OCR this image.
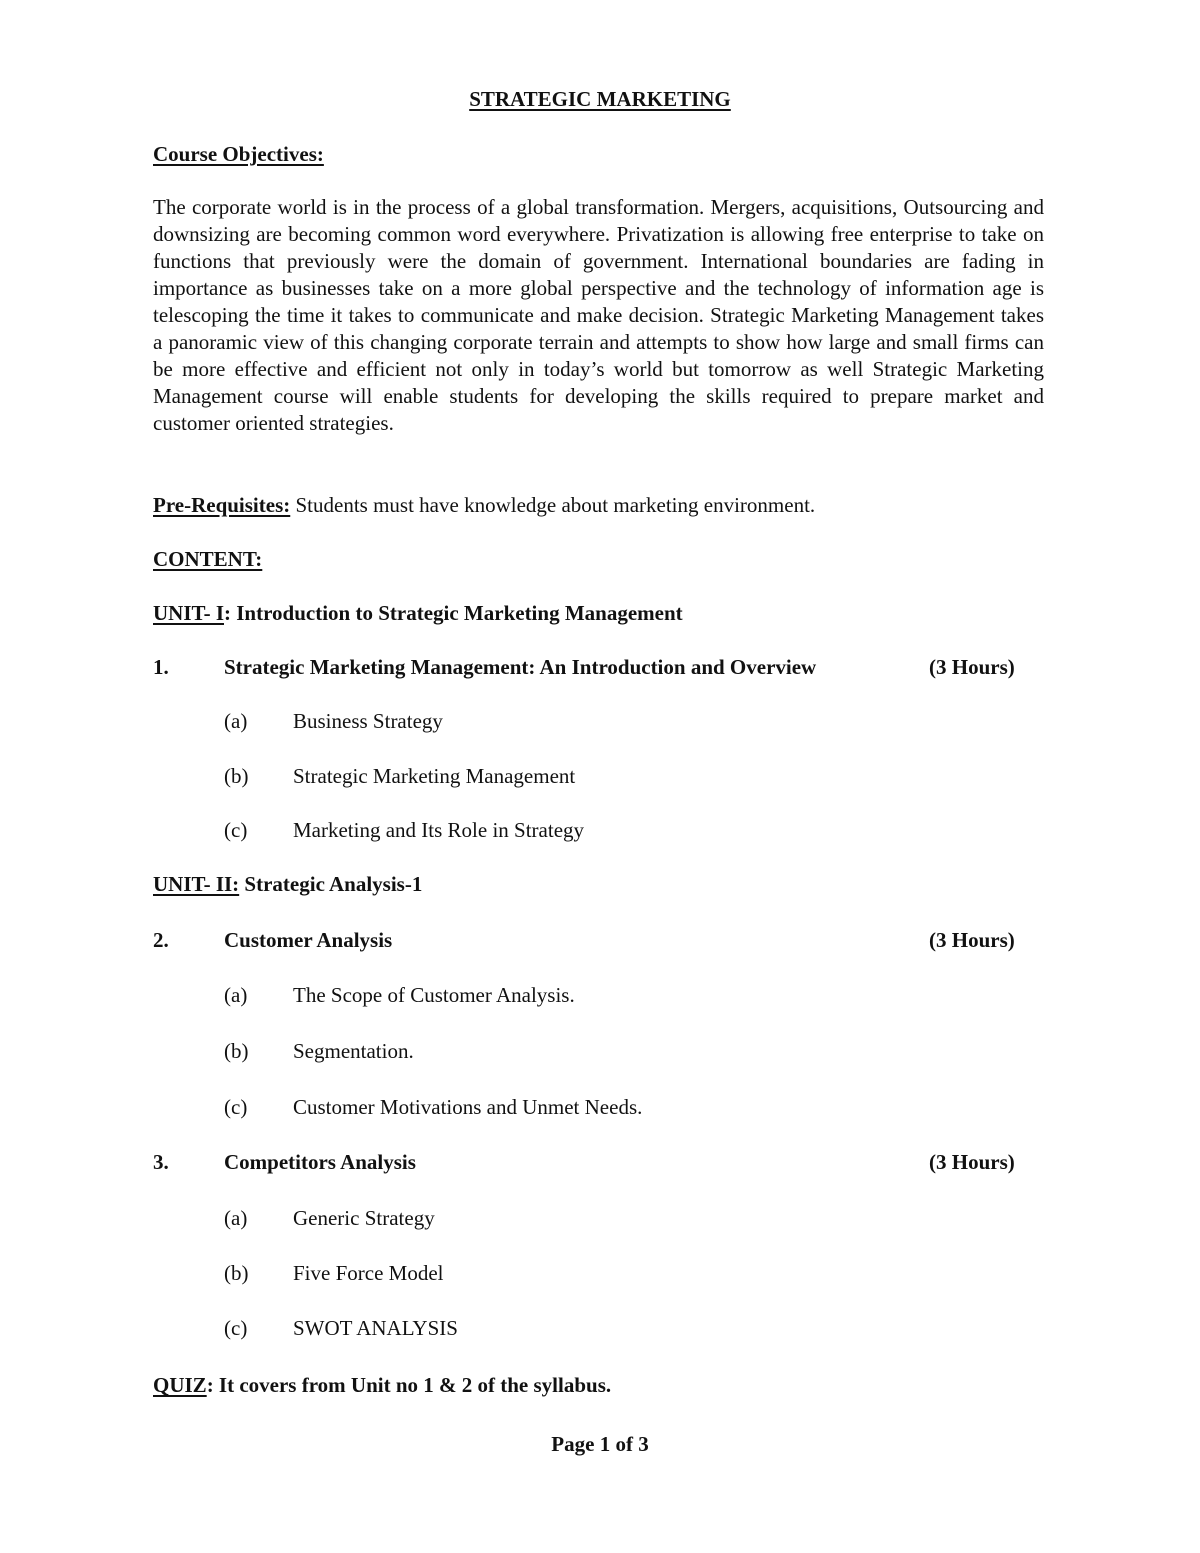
STRATEGIC MARKETING
Course Objectives:

The corporate world is in the process of a global transformation. Mergers, acquisitions, Outsourcing and downsizing are becoming common word everywhere. Privatization is allowing free enterprise to take on functions that previously were the domain of government. International boundaries are fading in importance as businesses take on a more global perspective and the technology of information age is telescoping the time it takes to communicate and make decision. Strategic Marketing Management takes a panoramic view of this changing corporate terrain and attempts to show how large and small firms can be more effective and efficient not only in today’s world but tomorrow as well Strategic Marketing Management course will enable students for developing the skills required to prepare market and customer oriented strategies.

Pre-Requisites: Students must have knowledge about marketing environment.
CONTENT:
UNIT- I: Introduction to Strategic Marketing Management
1.	Strategic Marketing Management: An Introduction and Overview	(3 Hours)
(a) Business Strategy
(b) Strategic Marketing Management
(c) Marketing and Its Role in Strategy
UNIT- II: Strategic Analysis-1
2.	Customer Analysis	(3 Hours)
(a) The Scope of Customer Analysis.
(b) Segmentation.
(c) Customer Motivations and Unmet Needs.
3.	Competitors Analysis	(3 Hours)
(a) Generic Strategy
(b) Five Force Model
(c) SWOT ANALYSIS
QUIZ: It covers from Unit no 1 & 2 of the syllabus.
Page 1 of 3
